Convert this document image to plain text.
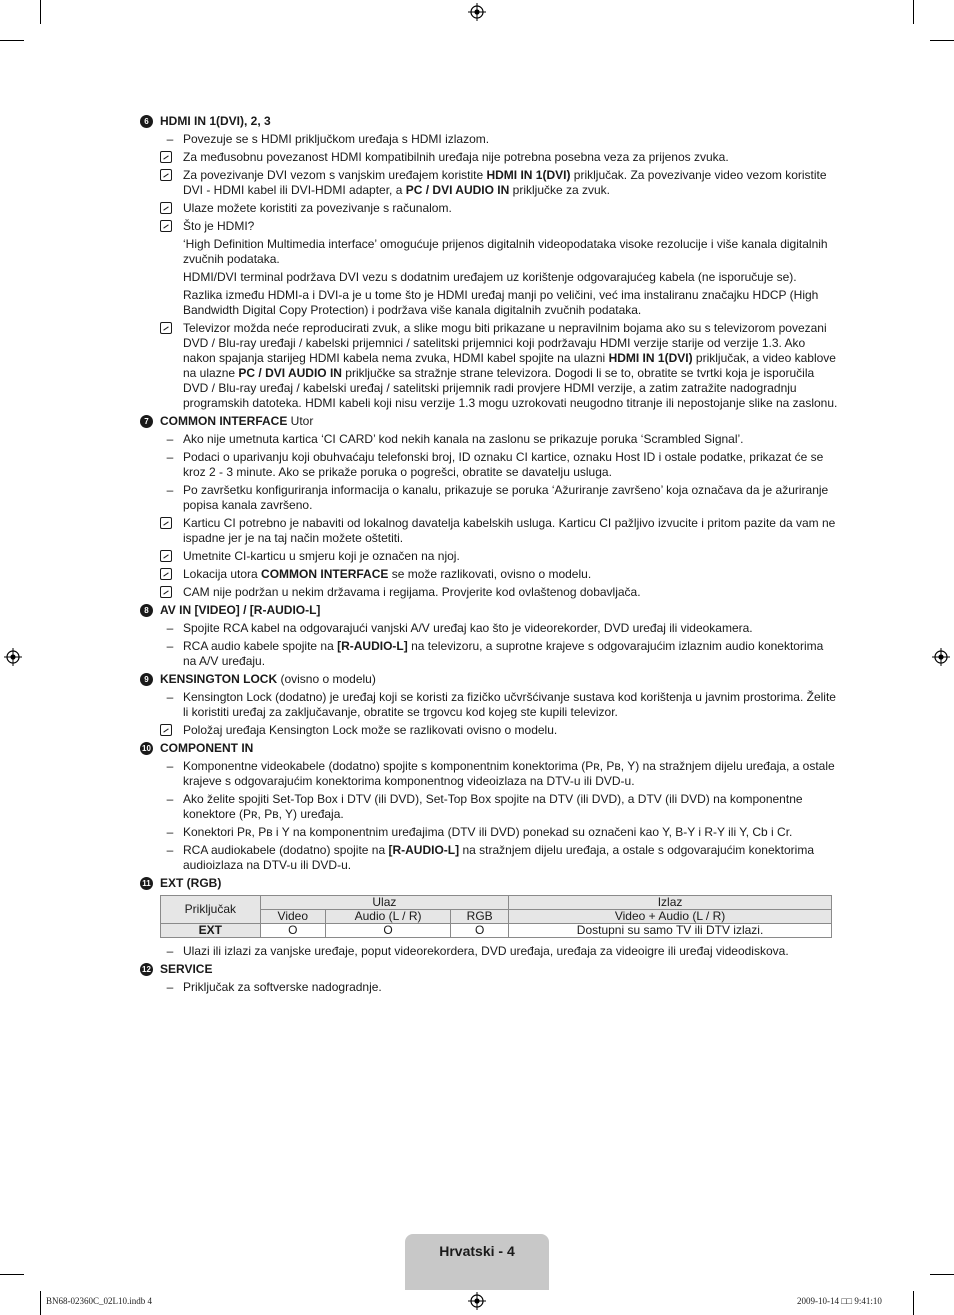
6 HDMI IN 1(DVI), 2, 3
– Povezuje se s HDMI priključkom uređaja s HDMI izlazom.
Za međusobnu povezanost HDMI kompatibilnih uređaja nije potrebna posebna veza za prijenos zvuka.
Za povezivanje DVI vezom s vanjskim uređajem koristite HDMI IN 1(DVI) priključak. Za povezivanje video vezom koristite DVI - HDMI kabel ili DVI-HDMI adapter, a PC / DVI AUDIO IN priključke za zvuk.
Ulaze možete koristiti za povezivanje s računalom.
Što je HDMI?
‘High Definition Multimedia interface’ omogućuje prijenos digitalnih videopodataka visoke rezolucije i više kanala digitalnih zvučnih podataka.
HDMI/DVI terminal podržava DVI vezu s dodatnim uređajem uz korištenje odgovarajućeg kabela (ne isporučuje se).
Razlika između HDMI-a i DVI-a je u tome što je HDMI uređaj manji po veličini, već ima instaliranu značajku HDCP (High Bandwidth Digital Copy Protection) i podržava više kanala digitalnih zvučnih podataka.
Televizor možda neće reproducirati zvuk, a slike mogu biti prikazane u nepravilnim bojama ako su s televizorom povezani DVD / Blu-ray uređaji / kabelski prijemnici / satelitski prijemnici koji podržavaju HDMI verzije starije od verzije 1.3. Ako nakon spajanja starijeg HDMI kabela nema zvuka, HDMI kabel spojite na ulazni HDMI IN 1(DVI) priključak, a video kablove na ulazne PC / DVI AUDIO IN priključke sa stražnje strane televizora. Dogodi li se to, obratite se tvrtki koja je isporučila DVD / Blu-ray uređaj / kabelski uređaj / satelitski prijemnik radi provjere HDMI verzije, a zatim zatražite nadogradnju programskih datoteka. HDMI kabeli koji nisu verzije 1.3 mogu uzrokovati neugodno titranje ili nepostojanje slike na zaslonu.
7 COMMON INTERFACE Utor
– Ako nije umetnuta kartica ‘CI CARD’ kod nekih kanala na zaslonu se prikazuje poruka ‘Scrambled Signal’.
– Podaci o uparivanju koji obuhvaćaju telefonski broj, ID oznaku CI kartice, oznaku Host ID i ostale podatke, prikazat će se kroz 2 - 3 minute. Ako se prikaže poruka o pogrešci, obratite se davatelju usluga.
– Po završetku konfiguriranja informacija o kanalu, prikazuje se poruka ‘Ažuriranje završeno’ koja označava da je ažuriranje popisa kanala završeno.
Karticu CI potrebno je nabaviti od lokalnog davatelja kabelskih usluga. Karticu CI pažljivo izvucite i pritom pazite da vam ne ispadne jer je na taj način možete oštetiti.
Umetnite CI-karticu u smjeru koji je označen na njoj.
Lokacija utora COMMON INTERFACE se može razlikovati, ovisno o modelu.
CAM nije podržan u nekim državama i regijama. Provjerite kod ovlaštenog dobavljača.
8 AV IN [VIDEO] / [R-AUDIO-L]
– Spojite RCA kabel na odgovarajući vanjski A/V uređaj kao što je videorekorder, DVD uređaj ili videokamera.
– RCA audio kabele spojite na [R-AUDIO-L] na televizoru, a suprotne krajeve s odgovarajućim izlaznim audio konektorima na A/V uređaju.
9 KENSINGTON LOCK (ovisno o modelu)
– Kensington Lock (dodatno) je uređaj koji se koristi za fizičko učvršćivanje sustava kod korištenja u javnim prostorima. Želite li koristiti uređaj za zaključavanje, obratite se trgovcu kod kojeg ste kupili televizor.
Položaj uređaja Kensington Lock može se razlikovati ovisno o modelu.
10 COMPONENT IN
– Komponentne videokabele (dodatno) spojite s komponentnim konektorima (Pʀ, Pʙ, Y) na stražnjem dijelu uređaja, a ostale krajeve s odgovarajućim konektorima komponentnog videoizlaza na DTV-u ili DVD-u.
– Ako želite spojiti Set-Top Box i DTV (ili DVD), Set-Top Box spojite na DTV (ili DVD), a DTV (ili DVD) na komponentne konektore (Pʀ, Pʙ, Y) uređaja.
– Konektori Pʀ, Pʙ i Y na komponentnim uređajima (DTV ili DVD) ponekad su označeni kao Y, B-Y i R-Y ili Y, Cb i Cr.
– RCA audiokabele (dodatno) spojite na [R-AUDIO-L] na stražnjem dijelu uređaja, a ostale s odgovarajućim konektorima audioizlaza na DTV-u ili DVD-u.
11 EXT (RGB)
Priključak	Ulaz			Izlaz
	Video	Audio (L / R)	RGB	Video + Audio (L / R)
EXT	O	O	O	Dostupni su samo TV ili DTV izlazi.
– Ulazi ili izlazi za vanjske uređaje, poput videorekordera, DVD uređaja, uređaja za videoigre ili uređaj videodiskova.
12 SERVICE
– Priključak za softverske nadogradnje.
Hrvatski - 4
BN68-02360C_02L10.indb 4	2009-10-14 □□ 9:41:10
